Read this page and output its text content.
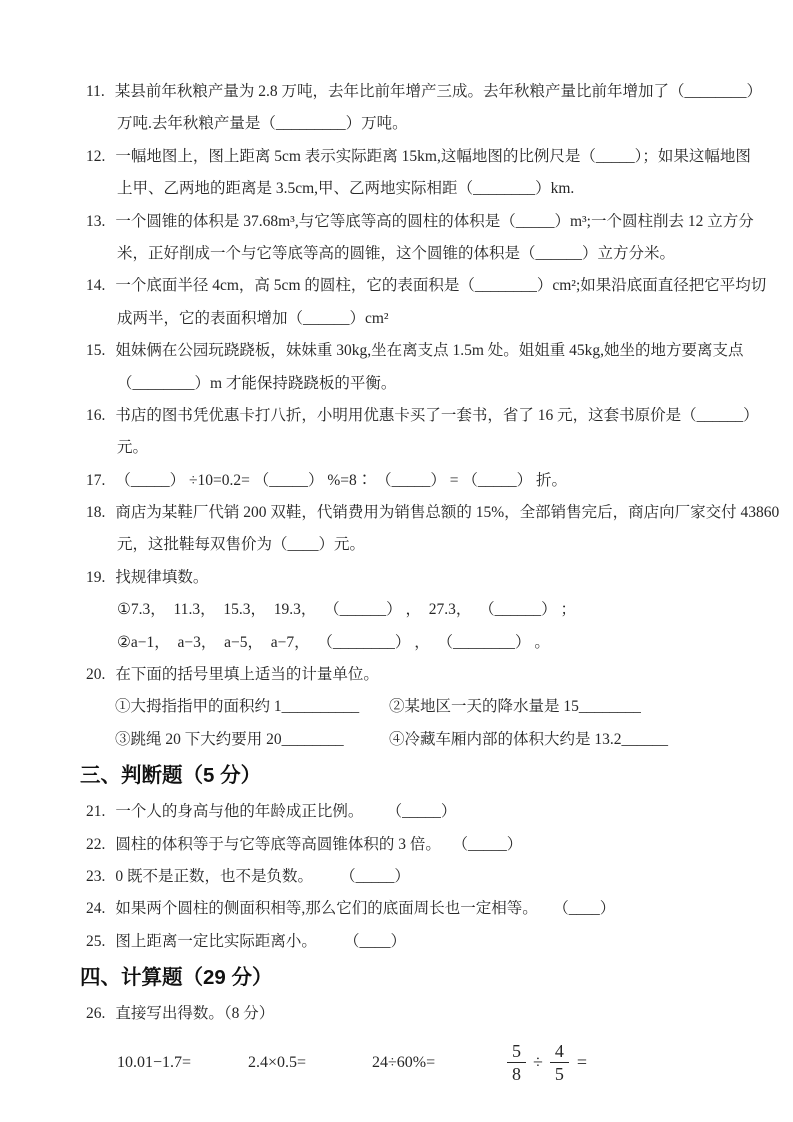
11. 某县前年秋粮产量为 2.8 万吨，去年比前年增产三成。去年秋粮产量比前年增加了（________）
万吨.去年秋粮产量是（_________）万吨。
12. 一幅地图上，图上距离 5cm 表示实际距离 15km,这幅地图的比例尺是（_____）；如果这幅地图
上甲、乙两地的距离是 3.5cm,甲、乙两地实际相距（________）km.
13. 一个圆锥的体积是 37.68m³,与它等底等高的圆柱的体积是（_____）m³;一个圆柱削去 12 立方分
米，正好削成一个与它等底等高的圆锥，这个圆锥的体积是（______）立方分米。
14. 一个底面半径 4cm，高 5cm 的圆柱，它的表面积是（________）cm²;如果沿底面直径把它平均切
成两半，它的表面积增加（______）cm²
15. 姐妹俩在公园玩跷跷板，妹妹重 30kg,坐在离支点 1.5m 处。姐姐重 45kg,她坐的地方要离支点
（________）m 才能保持跷跷板的平衡。
16. 书店的图书凭优惠卡打八折，小明用优惠卡买了一套书，省了 16 元，这套书原价是（______）
元。
17. （_____） ÷10=0.2= （_____） %=8∶ （_____） = （_____） 折。
18. 商店为某鞋厂代销 200 双鞋，代销费用为销售总额的 15%，全部销售完后，商店向厂家交付 43860
元，这批鞋每双售价为（____）元。
19. 找规律填数。
①7.3，  11.3，  15.3，  19.3，  （______） ，  27.3，  （______） ；
②a−1，  a−3，  a−5，  a−7，  （________） ，  （________） 。
20. 在下面的括号里填上适当的计量单位。
①大拇指指甲的面积约 1__________ ②某地区一天的降水量是 15________
③跳绳 20 下大约要用 20________	④冷藏车厢内部的体积大约是 13.2______
三、判断题（5 分）
21. 一个人的身高与他的年龄成正比例。      （_____）
22. 圆柱的体积等于与它等底等高圆锥体积的 3 倍。   （_____）
23. 0 既不是正数，也不是负数。       （_____）
24. 如果两个圆柱的侧面积相等,那么它们的底面周长也一定相等。    （____）
25. 图上距离一定比实际距离小。       （____）
四、计算题（29 分）
26. 直接写出得数。（8 分）
10.01−1.7=	2.4×0.5=	24÷60%=	$\frac{5}{8} \div \frac{4}{5}$ =
